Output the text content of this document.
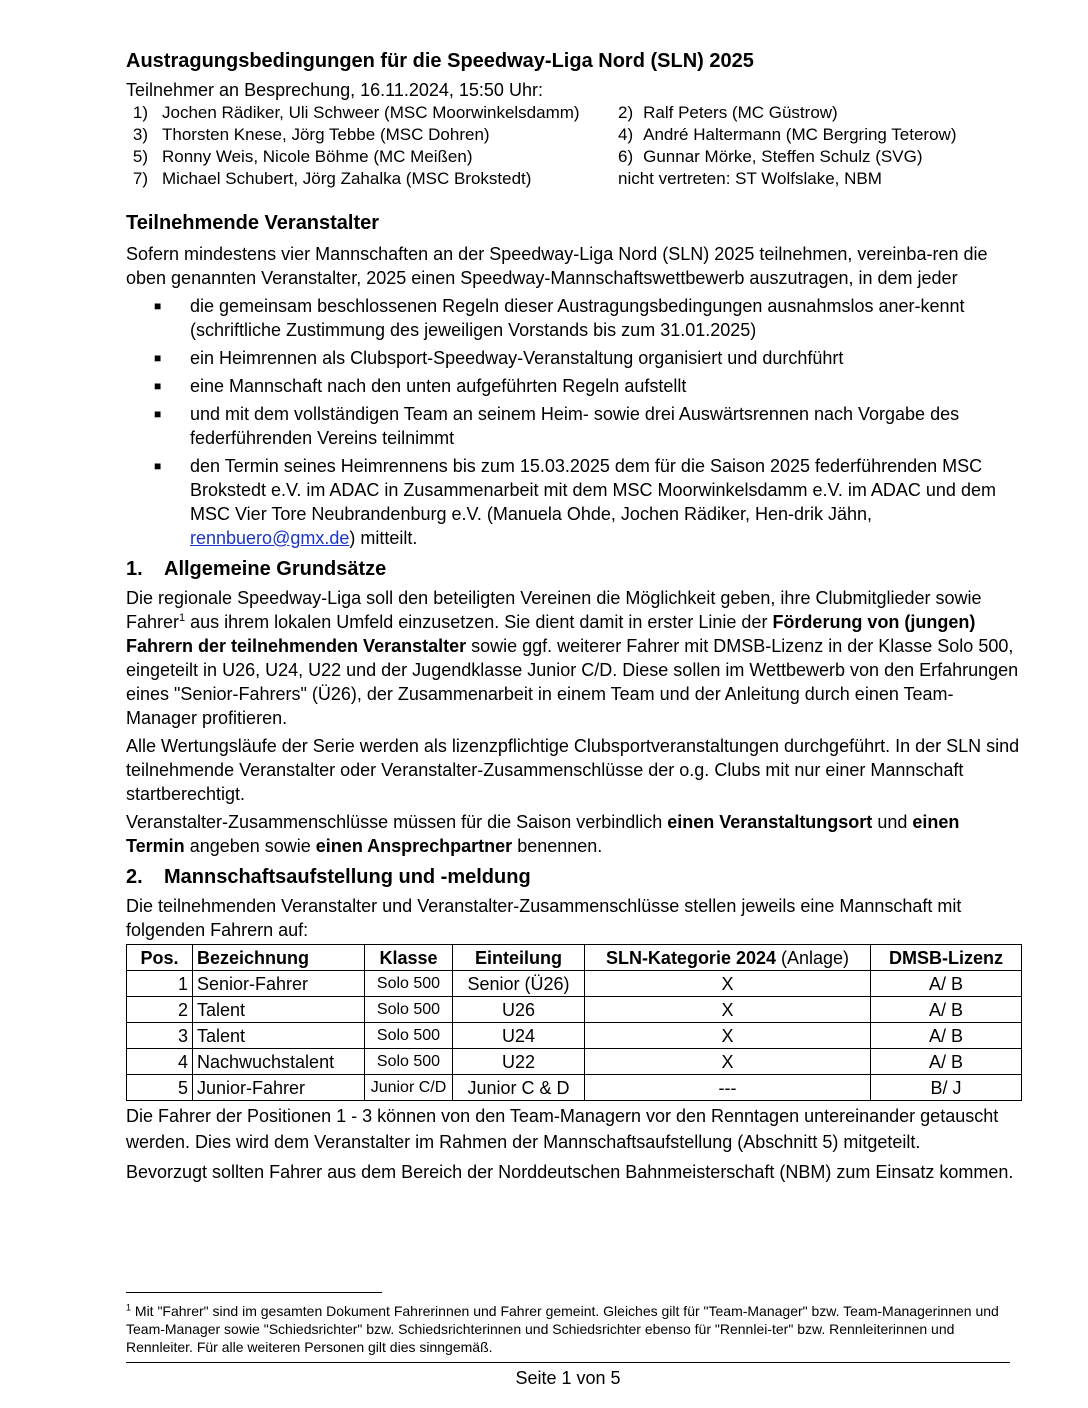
Austragungsbedingungen für die Speedway-Liga Nord (SLN) 2025

Teilnehmer an Besprechung, 16.11.2024, 15:50 Uhr:

1) Jochen Rädiker, Uli Schweer (MSC Moorwinkelsdamm) 2) Ralf Peters (MC Güstrow)
3) Thorsten Knese, Jörg Tebbe (MSC Dohren)	4) André Haltermann (MC Bergring Teterow)
5) Ronny Weis, Nicole Böhme (MC Meißen)	6) Gunnar Mörke, Steffen Schulz (SVG)
7) Michael Schubert, Jörg Zahalka (MSC Brokstedt)	nicht vertreten: ST Wolfslake, NBM
Teilnehmende Veranstalter

Sofern mindestens vier Mannschaften an der Speedway-Liga Nord (SLN) 2025 teilnehmen, vereinba-ren die oben genannten Veranstalter, 2025 einen Speedway-Mannschaftswettbewerb auszutragen, in dem jeder

■	die gemeinsam beschlossenen Regeln dieser Austragungsbedingungen ausnahmslos aner-kennt (schriftliche Zustimmung des jeweiligen Vorstands bis zum 31.01.2025)
■	ein Heimrennen als Clubsport-Speedway-Veranstaltung organisiert und durchführt
■	eine Mannschaft nach den unten aufgeführten Regeln aufstellt
■	und mit dem vollständigen Team an seinem Heim- sowie drei Auswärtsrennen nach Vorgabe des federführenden Vereins teilnimmt
■	den Termin seines Heimrennens bis zum 15.03.2025 dem für die Saison 2025 federführenden MSC Brokstedt e.V. im ADAC in Zusammenarbeit mit dem MSC Moorwinkelsdamm e.V. im ADAC und dem MSC Vier Tore Neubrandenburg e.V. (Manuela Ohde, Jochen Rädiker, Hen-drik Jähn, rennbuero@gmx.de) mitteilt.
1.	Allgemeine Grundsätze

Die regionale Speedway-Liga soll den beteiligten Vereinen die Möglichkeit geben, ihre Clubmitglieder sowie Fahrer$^1$ aus ihrem lokalen Umfeld einzusetzen. Sie dient damit in erster Linie der Förderung von (jungen) Fahrern der teilnehmenden Veranstalter sowie ggf. weiterer Fahrer mit DMSB-Lizenz in der Klasse Solo 500, eingeteilt in U26, U24, U22 und der Jugendklasse Junior C/D. Diese sollen im Wettbewerb von den Erfahrungen eines "Senior-Fahrers" (Ü26), der Zusammenarbeit in einem Team und der Anleitung durch einen Team-Manager profitieren.

Alle Wertungsläufe der Serie werden als lizenzpflichtige Clubsportveranstaltungen durchgeführt. In der SLN sind teilnehmende Veranstalter oder Veranstalter-Zusammenschlüsse der o.g. Clubs mit nur einer Mannschaft startberechtigt.

Veranstalter-Zusammenschlüsse müssen für die Saison verbindlich einen Veranstaltungsort und einen Termin angeben sowie einen Ansprechpartner benennen.

2.	Mannschaftsaufstellung und -meldung

Die teilnehmenden Veranstalter und Veranstalter-Zusammenschlüsse stellen jeweils eine Mannschaft mit folgenden Fahrern auf:

Pos.	Bezeichnung	Klasse	Einteilung	SLN-Kategorie 2024 (Anlage)	DMSB-Lizenz
1	Senior-Fahrer	Solo 500	Senior (Ü26)	X	A/ B
2	Talent	Solo 500	U26	X	A/ B
3	Talent	Solo 500	U24	X	A/ B
4	Nachwuchstalent	Solo 500	U22	X	A/ B
5	Junior-Fahrer	Junior C/D	Junior C & D	---	B/ J

Die Fahrer der Positionen 1 - 3 können von den Team-Managern vor den Renntagen untereinander getauscht werden. Dies wird dem Veranstalter im Rahmen der Mannschaftsaufstellung (Abschnitt 5) mitgeteilt.

Bevorzugt sollten Fahrer aus dem Bereich der Norddeutschen Bahnmeisterschaft (NBM) zum Einsatz kommen.

$^1$ Mit "Fahrer" sind im gesamten Dokument Fahrerinnen und Fahrer gemeint. Gleiches gilt für "Team-Manager" bzw. Team-Managerinnen und Team-Manager sowie "Schiedsrichter" bzw. Schiedsrichterinnen und Schiedsrichter ebenso für "Rennlei-ter" bzw. Rennleiterinnen und Rennleiter. Für alle weiteren Personen gilt dies sinngemäß.
Seite 1 von 5
